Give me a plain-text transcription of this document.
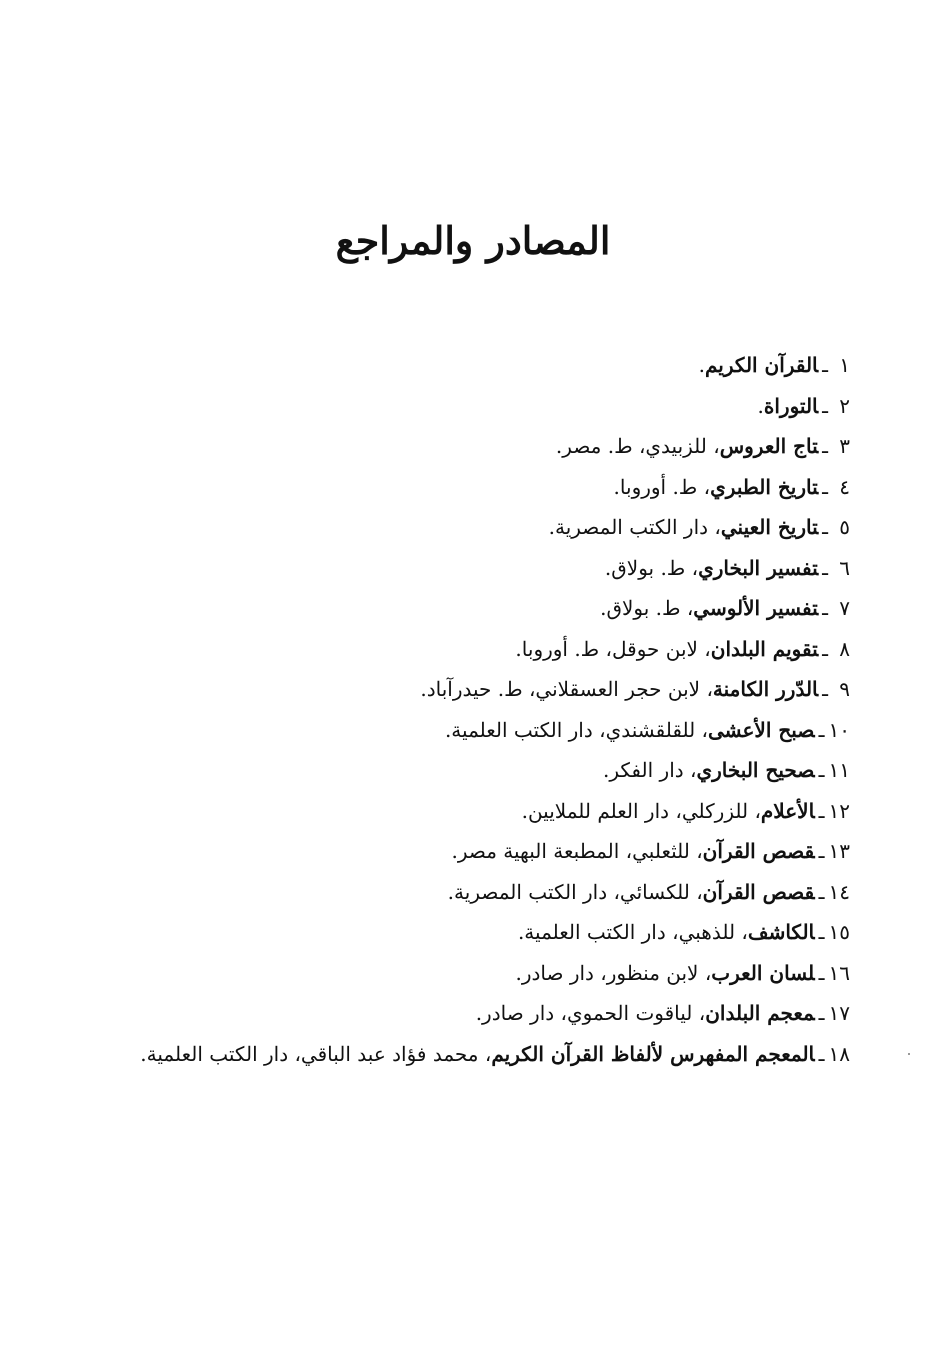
المصادر والمراجع
١ـالقرآن الكريم.
٢ـالتوراة.
٣ـتاج العروس، للزبيدي، ط. مصر.
٤ـتاريخ الطبري، ط. أوروبا.
٥ـتاريخ العيني، دار الكتب المصرية.
٦ـتفسير البخاري، ط. بولاق.
٧ـتفسير الألوسي، ط. بولاق.
٨ـتقويم البلدان، لابن حوقل، ط. أوروبا.
٩ـالدّرر الكامنة، لابن حجر العسقلاني، ط. حيدرآباد.
١٠ـصبح الأعشى، للقلقشندي، دار الكتب العلمية.
١١ـصحيح البخاري، دار الفكر.
١٢ـالأعلام، للزركلي، دار العلم للملايين.
١٣ـقصص القرآن، للثعلبي، المطبعة البهية مصر.
١٤ـقصص القرآن، للكسائي، دار الكتب المصرية.
١٥ـالكاشف، للذهبي، دار الكتب العلمية.
١٦ـلسان العرب، لابن منظور، دار صادر.
١٧ـمعجم البلدان، لياقوت الحموي، دار صادر.
١٨ـالمعجم المفهرس لألفاظ القرآن الكريم، محمد فؤاد عبد الباقي، دار الكتب العلمية.
